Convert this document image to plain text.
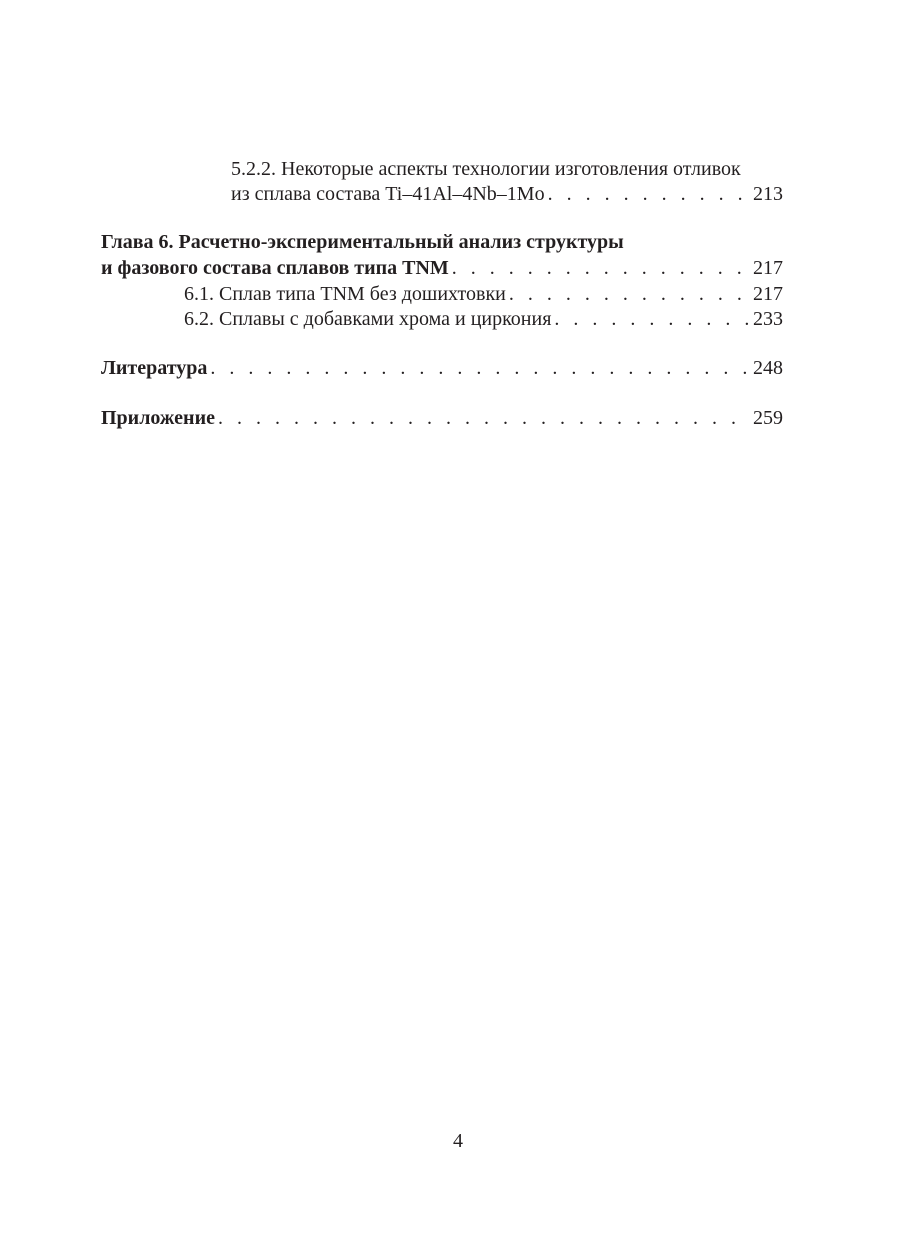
5.2.2. Некоторые аспекты технологии изготовления отливок
из сплава состава Ti–41Al–4Nb–1Mo . . .	213
Глава 6. Расчетно-экспериментальный анализ структуры
и фазового состава сплавов типа TNM . . .	217
6.1. Сплав типа TNM без дошихтовки . . .	217
6.2. Сплавы с добавками хрома и циркония . . .	233
Литература . . .	248
Приложение . . .	259
4
